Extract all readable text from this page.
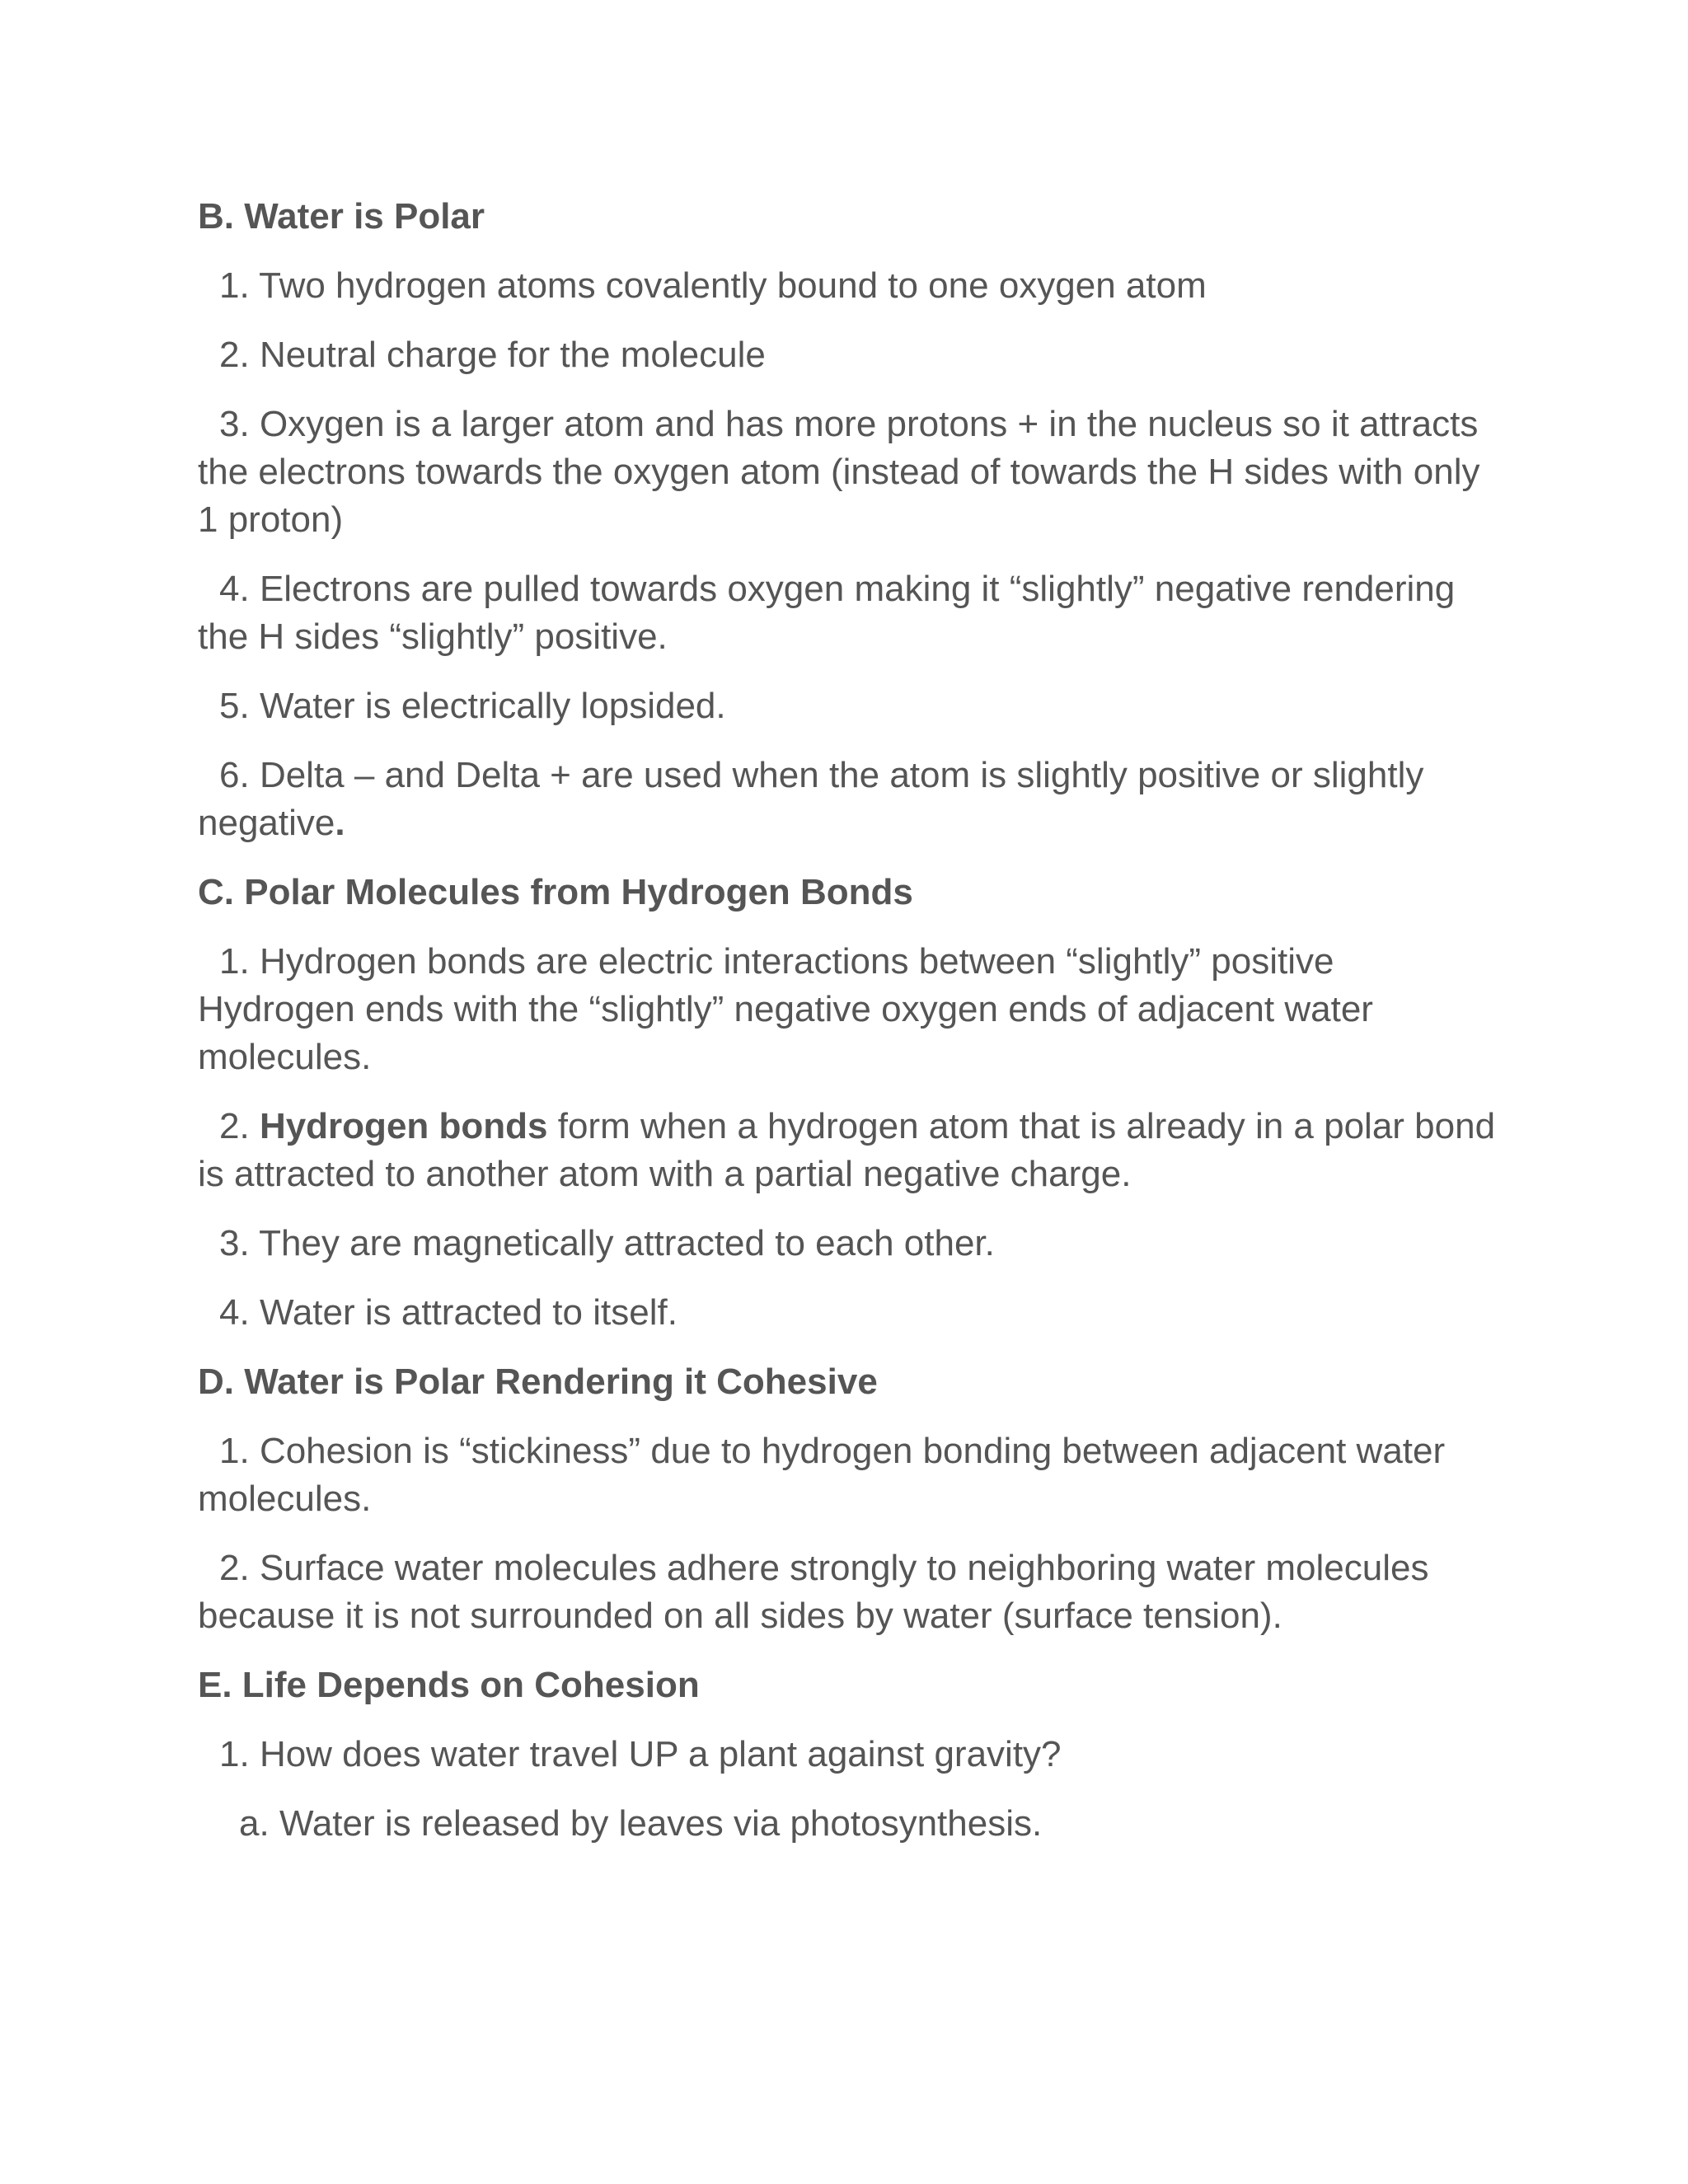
B. Water is Polar
1. Two hydrogen atoms covalently bound to one oxygen atom
2. Neutral charge for the molecule
3. Oxygen is a larger atom and has more protons + in the nucleus so it attracts the electrons towards the oxygen atom (instead of towards the H sides with only 1 proton)
4. Electrons are pulled towards oxygen making it “slightly” negative rendering the H sides “slightly” positive.
5. Water is electrically lopsided.
6. Delta – and Delta + are used when the atom is slightly positive or slightly negative.
C. Polar Molecules from Hydrogen Bonds
1. Hydrogen bonds are electric interactions between “slightly” positive Hydrogen ends with the “slightly” negative oxygen ends of adjacent water molecules.
2. Hydrogen bonds form when a hydrogen atom that is already in a polar bond is attracted to another atom with a partial negative charge.
3. They are magnetically attracted to each other.
4. Water is attracted to itself.
D. Water is Polar Rendering it Cohesive
1. Cohesion is “stickiness” due to hydrogen bonding between adjacent water molecules.
2. Surface water molecules adhere strongly to neighboring water molecules because it is not surrounded on all sides by water (surface tension).
E. Life Depends on Cohesion
1. How does water travel UP a plant against gravity?
a. Water is released by leaves via photosynthesis.
